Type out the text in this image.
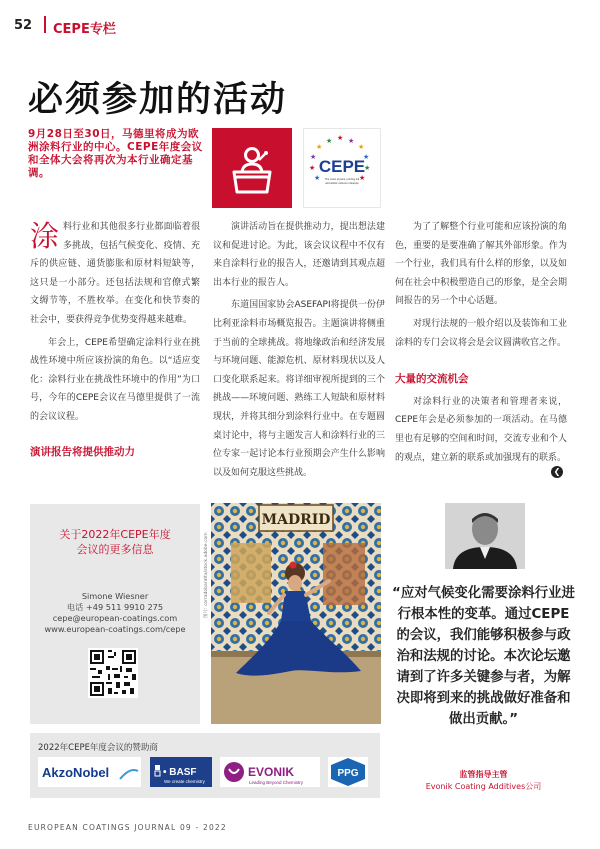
52 CEPE专栏
必须参加的活动
9月28日至30日，马德里将成为欧洲涂料行业的中心。CEPE年度会议和全体大会将再次为本行业确定基调。
★
★ ★ ★
★
★
★
★
★
★
★
CEPE
The voice of paint, printing ink
and artists' colours in Europe

涂料行业和其他很多行业都面临着很多挑战，包括气候变化、疫情、充斥的供应链、通货膨胀和原材料短缺等，这只是一小部分。还包括法规和官僚式繁文缛节等，不胜枚举。在变化和快节奏的社会中，要获得竞争优势变得越来越难。

年会上，CEPE希望确定涂料行业在挑战性环境中所应该扮演的角色。以“适应变化：涂料行业在挑战性环境中的作用”为口号，今年的CEPE会议在马德里提供了一流的会议议程。

演讲报告将提供推动力

演讲活动旨在提供推动力，提出想法建议和促进讨论。为此，该会议议程中不仅有来自涂料行业的报告人，还邀请到其观点超出本行业的报告人。

东道国国家协会ASEFAPI将提供一份伊比利亚涂料市场概览报告。主题演讲将侧重于当前的全球挑战。将地缘政治和经济发展与环境问题、能源危机、原材料现状以及人口变化联系起来。将详细审视所提到的三个挑战——环境问题、熟练工人短缺和原材料现状，并将其细分到涂料行业中。在专题圆桌讨论中，将与主题发言人和涂料行业的三位专家一起讨论本行业预期会产生什么影响以及如何克服这些挑战。

为了了解整个行业可能和应该扮演的角色，重要的是要准确了解其外部形象。作为一个行业，我们具有什么样的形象，以及如何在社会中积极塑造自己的形象，是全会期间报告的另一个中心话题。

对现行法规的一般介绍以及装饰和工业涂料的专门会议将会是会议圆满收官之作。

大量的交流机会

对涂料行业的决策者和管理者来说，CEPE年会是必须参加的一项活动。在马德里也有足够的空间和时间，交流专业和个人的观点，建立新的联系或加强现有的联系。

❮
关于2022年CEPE年度
会议的更多信息
Simone Wiesner
电话 +49 511 9910 275
cepe@european-coatings.com
www.european-coatings.com/cepe
图片: corradobaratta/stock.adobe.com
MADRID
“应对气候变化需要涂料行业进行根本性的变革。通过CEPE的会议，我们能够积极参与政治和法规的讨论。本次论坛邀请到了许多关键参与者，为解决即将到来的挑战做好准备和做出贡献。”
监管指导主管
Evonik Coating Additives公司
2022年CEPE年度会议的赞助商
AkzoNobel	• BASF
We create chemistry
EVONIK
Leading Beyond Chemistry
PPG
EUROPEAN COATINGS JOURNAL 09 - 2022
